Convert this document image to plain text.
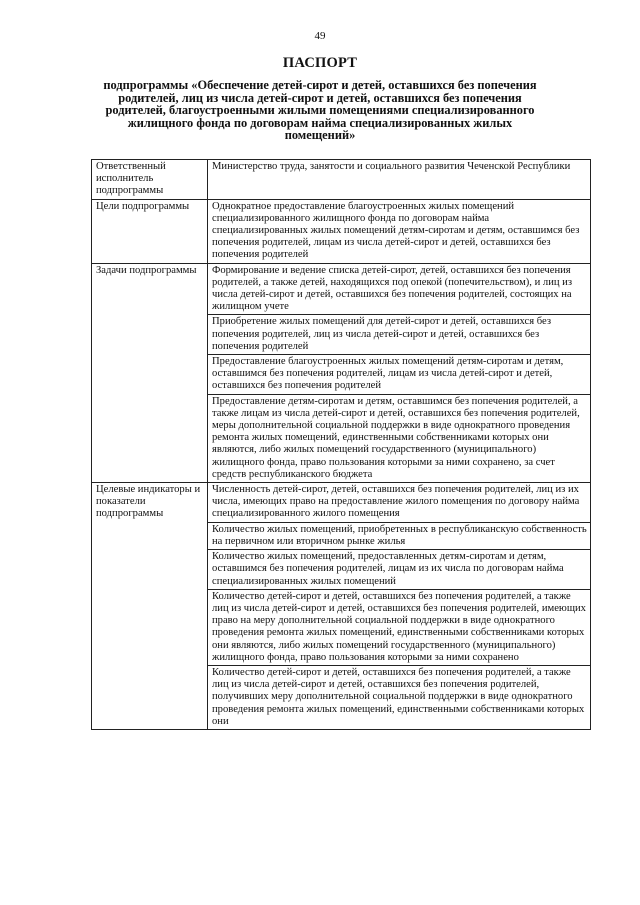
49
ПАСПОРТ
подпрограммы «Обеспечение детей-сирот и детей, оставшихся без попечения родителей, лиц из числа детей-сирот и детей, оставшихся без попечения родителей, благоустроенными жилыми помещениями специализированного жилищного фонда по договорам найма специализированных жилых помещений»
Ответственный исполнитель подпрограммы	Министерство труда, занятости и социального развития Чеченской Республики
Цели подпрограммы	Однократное предоставление благоустроенных жилых помещений специализированного жилищного фонда по договорам найма специализированных жилых помещений детям-сиротам и детям, оставшимся без попечения родителей, лицам из числа детей-сирот и детей, оставшихся без попечения родителей
Задачи подпрограммы	Формирование и ведение списка детей-сирот, детей, оставшихся без попечения родителей, а также детей, находящихся под опекой (попечительством), и лиц из числа детей-сирот и детей, оставшихся без попечения родителей, состоящих на жилищном учете
	Приобретение жилых помещений для детей-сирот и детей, оставшихся без попечения родителей, лиц из числа детей-сирот и детей, оставшихся без попечения родителей
	Предоставление благоустроенных жилых помещений детям-сиротам и детям, оставшимся без попечения родителей, лицам из числа детей-сирот и детей, оставшихся без попечения родителей
	Предоставление детям-сиротам и детям, оставшимся без попечения родителей, а также лицам из числа детей-сирот и детей, оставшихся без попечения родителей, меры дополнительной социальной поддержки в виде однократного проведения ремонта жилых помещений, единственными собственниками которых они являются, либо жилых помещений государственного (муниципального) жилищного фонда, право пользования которыми за ними сохранено, за счет средств республиканского бюджета
Целевые индикаторы и показатели подпрограммы	Численность детей-сирот, детей, оставшихся без попечения родителей, лиц из их числа, имеющих право на предоставление жилого помещения по договору найма специализированного жилого помещения
	Количество жилых помещений, приобретенных в республиканскую собственность на первичном или вторичном рынке жилья
	Количество жилых помещений, предоставленных детям-сиротам и детям, оставшимся без попечения родителей, лицам из их числа по договорам найма специализированных жилых помещений
	Количество детей-сирот и детей, оставшихся без попечения родителей, а также лиц из числа детей-сирот и детей, оставшихся без попечения родителей, имеющих право на меру дополнительной социальной поддержки в виде однократного проведения ремонта жилых помещений, единственными собственниками которых они являются, либо жилых помещений государственного (муниципального) жилищного фонда, право пользования которыми за ними сохранено
	Количество детей-сирот и детей, оставшихся без попечения родителей, а также лиц из числа детей-сирот и детей, оставшихся без попечения родителей, получивших меру дополнительной социальной поддержки в виде однократного проведения ремонта жилых помещений, единственными собственниками которых они
